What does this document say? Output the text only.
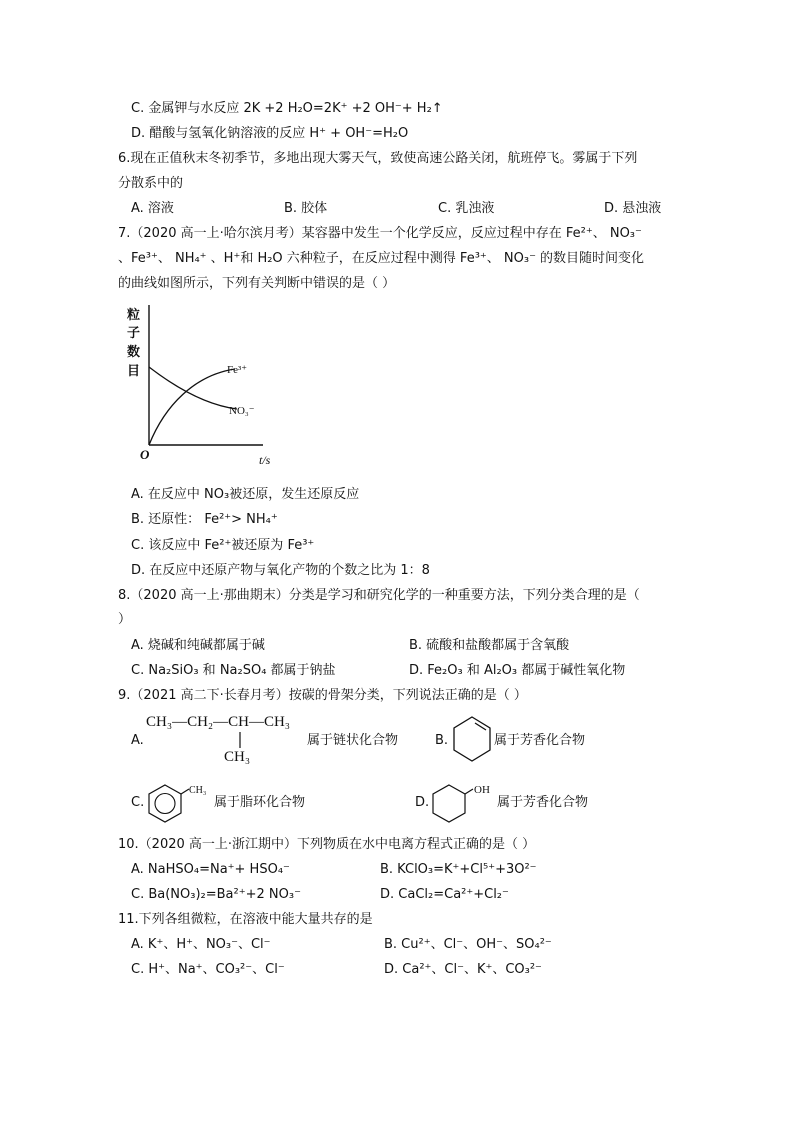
C. 金属钾与水反应 2K +2 H₂O=2K⁺ +2 OH⁻+ H₂↑
D. 醋酸与氢氧化钠溶液的反应 H⁺ + OH⁻=H₂O
6.现在正值秋末冬初季节，多地出现大雾天气，致使高速公路关闭，航班停飞。雾属于下列
分散系中的
A. 溶液	B. 胶体	C. 乳浊液	D. 悬浊液
7.（2020 高一上·哈尔滨月考）某容器中发生一个化学反应，反应过程中存在 Fe²⁺、 NO₃⁻
、Fe³⁺、 NH₄⁺ 、H⁺和 H₂O 六种粒子，在反应过程中测得 Fe³⁺、 NO₃⁻ 的数目随时间变化
的曲线如图所示，下列有关判断中错误的是（ ）
粒
子
数
目	Fe³⁺
NO₃⁻
O	t/s
A. 在反应中 NO₃被还原，发生还原反应
B. 还原性： Fe²⁺> NH₄⁺
C. 该反应中 Fe²⁺被还原为 Fe³⁺
D. 在反应中还原产物与氧化产物的个数之比为 1：8
8.（2020 高一上·那曲期末）分类是学习和研究化学的一种重要方法，下列分类合理的是（
）
A. 烧碱和纯碱都属于碱	B. 硫酸和盐酸都属于含氧酸
C. Na₂SiO₃ 和 Na₂SO₄ 都属于钠盐	D. Fe₂O₃ 和 Al₂O₃ 都属于碱性氧化物
9.（2021 高二下·长春月考）按碳的骨架分类，下列说法正确的是（ ）
A.
CH₃—CH₂—CH—CH₃
CH₃
属于链状化合物	B.	属于芳香化合物
C.
CH₃
属于脂环化合物	D.
OH
属于芳香化合物
10.（2020 高一上·浙江期中）下列物质在水中电离方程式正确的是（ ）
A. NaHSO₄=Na⁺+ HSO₄⁻	B. KClO₃=K⁺+Cl⁵⁺+3O²⁻
C. Ba(NO₃)₂=Ba²⁺+2 NO₃⁻	D. CaCl₂=Ca²⁺+Cl₂⁻
11.下列各组微粒，在溶液中能大量共存的是
A. K⁺、H⁺、NO₃⁻、Cl⁻	B. Cu²⁺、Cl⁻、OH⁻、SO₄²⁻
C. H⁺、Na⁺、CO₃²⁻、Cl⁻	D. Ca²⁺、Cl⁻、K⁺、CO₃²⁻
